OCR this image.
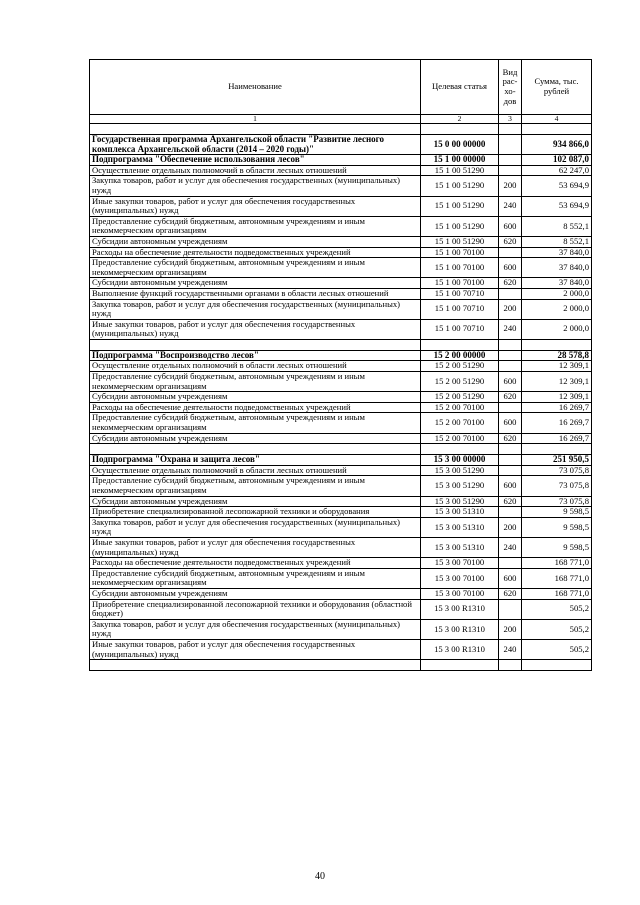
Наименование	Целевая статья	Вид рас-хо-дов	Сумма, тыс. рублей
1	2	3	4

Государственная программа Архангельской области "Развитие лесного комплекса Архангельской области (2014 – 2020 годы)"	15 0 00 00000		934 866,0
Подпрограмма "Обеспечение использования лесов"	15 1 00 00000		102 087,0
Осуществление отдельных полномочий в области лесных отношений	15 1 00 51290		62 247,0
Закупка товаров, работ и услуг для обеспечения государственных (муниципальных) нужд	15 1 00 51290	200	53 694,9
Иные закупки товаров, работ и услуг для обеспечения государственных (муниципальных) нужд	15 1 00 51290	240	53 694,9
Предоставление субсидий бюджетным, автономным учреждениям и иным некоммерческим организациям	15 1 00 51290	600	8 552,1
Субсидии автономным учреждениям	15 1 00 51290	620	8 552,1
Расходы на обеспечение деятельности подведомственных учреждений	15 1 00 70100		37 840,0
Предоставление субсидий бюджетным, автономным учреждениям и иным некоммерческим организациям	15 1 00 70100	600	37 840,0
Субсидии автономным учреждениям	15 1 00 70100	620	37 840,0
Выполнение функций государственными органами в области лесных отношений	15 1 00 70710		2 000,0
Закупка товаров, работ и услуг для обеспечения государственных (муниципальных) нужд	15 1 00 70710	200	2 000,0
Иные закупки товаров, работ и услуг для обеспечения государственных (муниципальных) нужд	15 1 00 70710	240	2 000,0

Подпрограмма "Воспроизводство лесов"	15 2 00 00000		28 578,8
Осуществление отдельных полномочий в области лесных отношений	15 2 00 51290		12 309,1
Предоставление субсидий бюджетным, автономным учреждениям и иным некоммерческим организациям	15 2 00 51290	600	12 309,1
Субсидии автономным учреждениям	15 2 00 51290	620	12 309,1
Расходы на обеспечение деятельности подведомственных учреждений	15 2 00 70100		16 269,7
Предоставление субсидий бюджетным, автономным учреждениям и иным некоммерческим организациям	15 2 00 70100	600	16 269,7
Субсидии автономным учреждениям	15 2 00 70100	620	16 269,7

Подпрограмма "Охрана и защита лесов"	15 3 00 00000		251 950,5
Осуществление отдельных полномочий в области лесных отношений	15 3 00 51290		73 075,8
Предоставление субсидий бюджетным, автономным учреждениям и иным некоммерческим организациям	15 3 00 51290	600	73 075,8
Субсидии автономным учреждениям	15 3 00 51290	620	73 075,8
Приобретение специализированной лесопожарной техники и оборудования	15 3 00 51310		9 598,5
Закупка товаров, работ и услуг для обеспечения государственных (муниципальных) нужд	15 3 00 51310	200	9 598,5
Иные закупки товаров, работ и услуг для обеспечения государственных (муниципальных) нужд	15 3 00 51310	240	9 598,5
Расходы на обеспечение деятельности подведомственных учреждений	15 3 00 70100		168 771,0
Предоставление субсидий бюджетным, автономным учреждениям и иным некоммерческим организациям	15 3 00 70100	600	168 771,0
Субсидии автономным учреждениям	15 3 00 70100	620	168 771,0
Приобретение специализированной лесопожарной техники и оборудования (областной бюджет)	15 3 00 R1310		505,2
Закупка товаров, работ и услуг для обеспечения государственных (муниципальных) нужд	15 3 00 R1310	200	505,2
Иные закупки товаров, работ и услуг для обеспечения государственных (муниципальных) нужд	15 3 00 R1310	240	505,2

40
